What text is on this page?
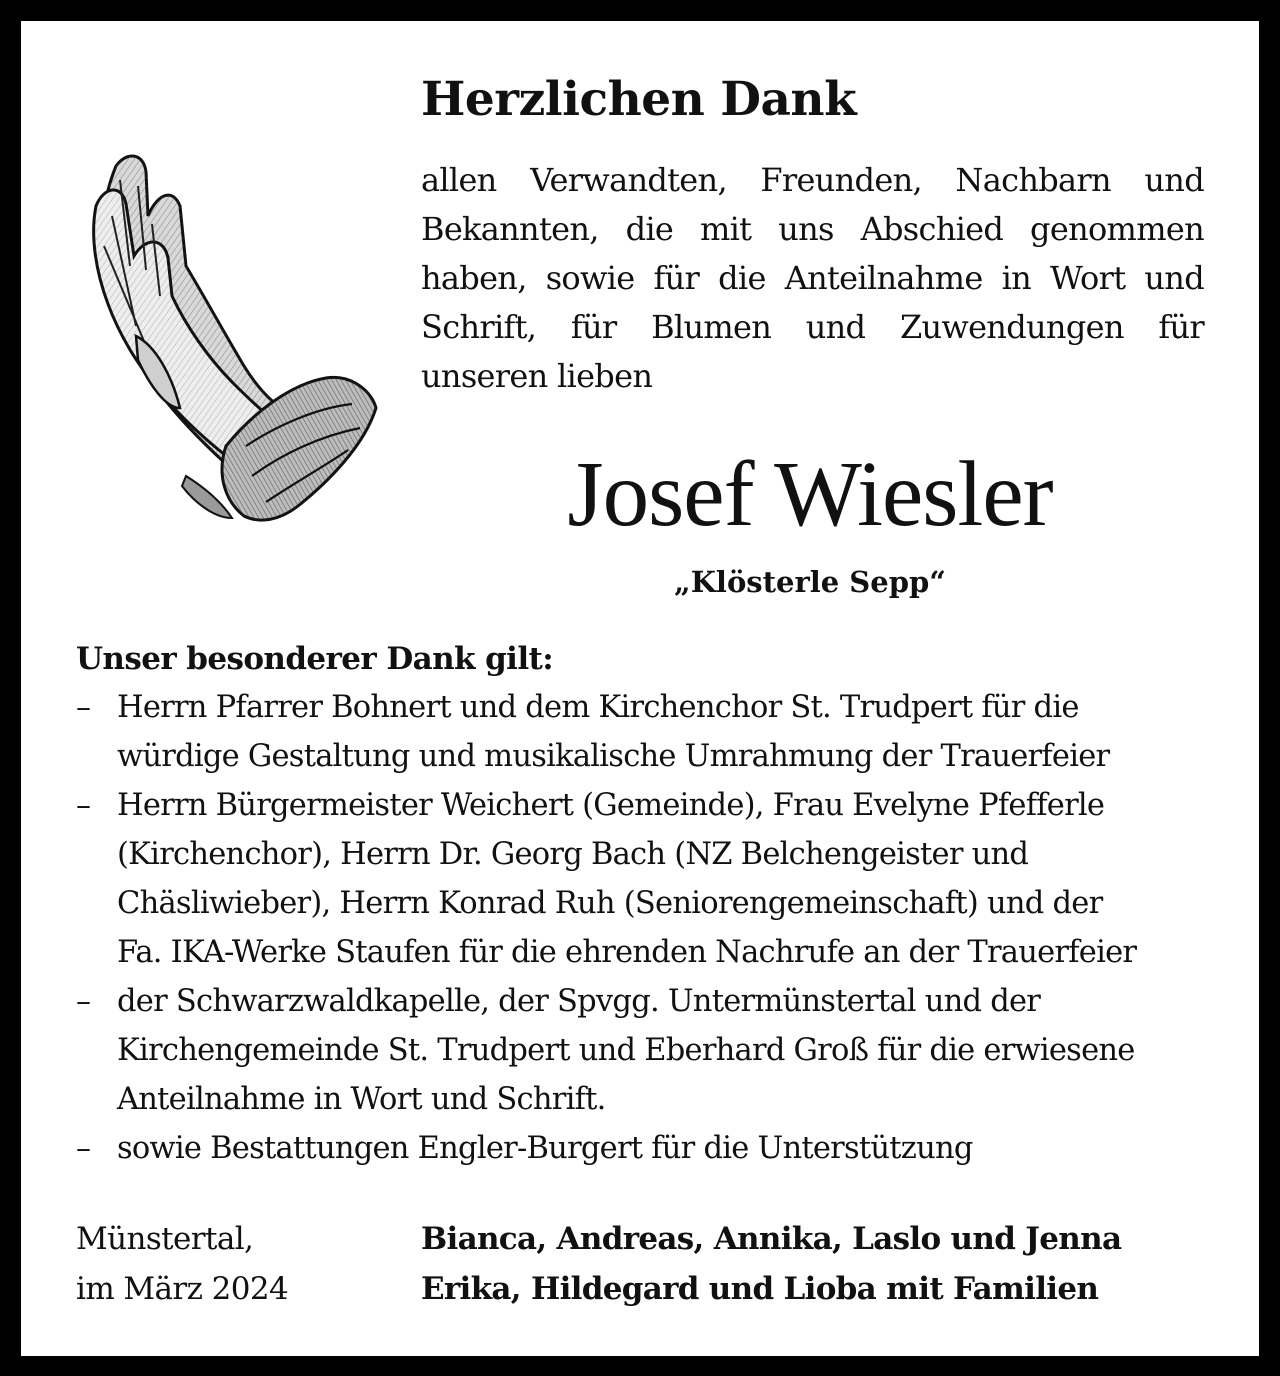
Herzlichen Dank

allen Verwandten, Freunden, Nachbarn und
Bekannten, die mit uns Abschied genommen
haben, sowie für die Anteilnahme in Wort und
Schrift, für Blumen und Zuwendungen für
unseren lieben

Josef Wiesler
„Klösterle Sepp“
Unser besonderer Dank gilt:
– Herrn Pfarrer Bohnert und dem Kirchenchor St. Trudpert für die
würdige Gestaltung und musikalische Umrahmung der Trauerfeier
– Herrn Bürgermeister Weichert (Gemeinde), Frau Evelyne Pfefferle
(Kirchenchor), Herrn Dr. Georg Bach (NZ Belchengeister und
Chäsliwieber), Herrn Konrad Ruh (Seniorengemeinschaft) und der
Fa. IKA-Werke Staufen für die ehrenden Nachrufe an der Trauerfeier
– der Schwarzwaldkapelle, der Spvgg. Untermünstertal und der
Kirchengemeinde St. Trudpert und Eberhard Groß für die erwiesene
Anteilnahme in Wort und Schrift.
– sowie Bestattungen Engler-Burgert für die Unterstützung
Münstertal,
im März 2024
Bianca, Andreas, Annika, Laslo und Jenna
Erika, Hildegard und Lioba mit Familien
